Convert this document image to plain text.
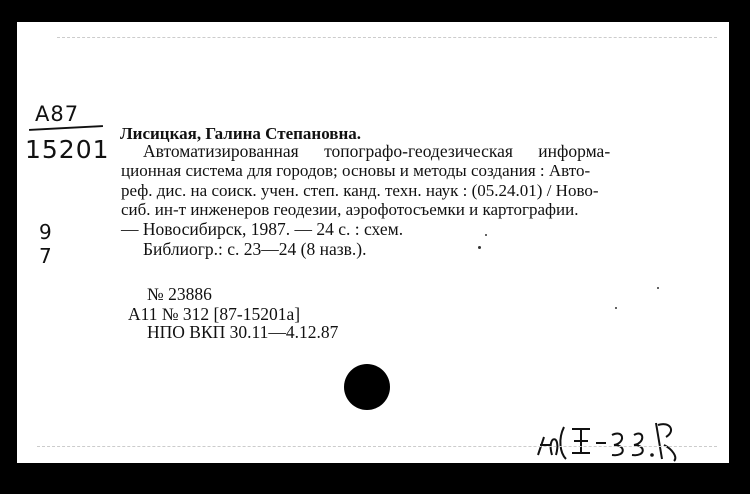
А87
15201
9
7
Лисицкая, Галина Степановна.
Автоматизированная топографо-геодезическая информа-
ционная система для городов; основы и методы создания : Авто-
реф. дис. на соиск. учен. степ. канд. техн. наук : (05.24.01) / Ново-
сиб. ин-т инженеров геодезии, аэрофотосъемки и картографии.
— Новосибирск, 1987. — 24 с. : схем.
Библиогр.: с. 23—24 (8 назв.).
№ 23886
А11 № 312 [87-15201а]
НПО ВКП 30.11—4.12.87
